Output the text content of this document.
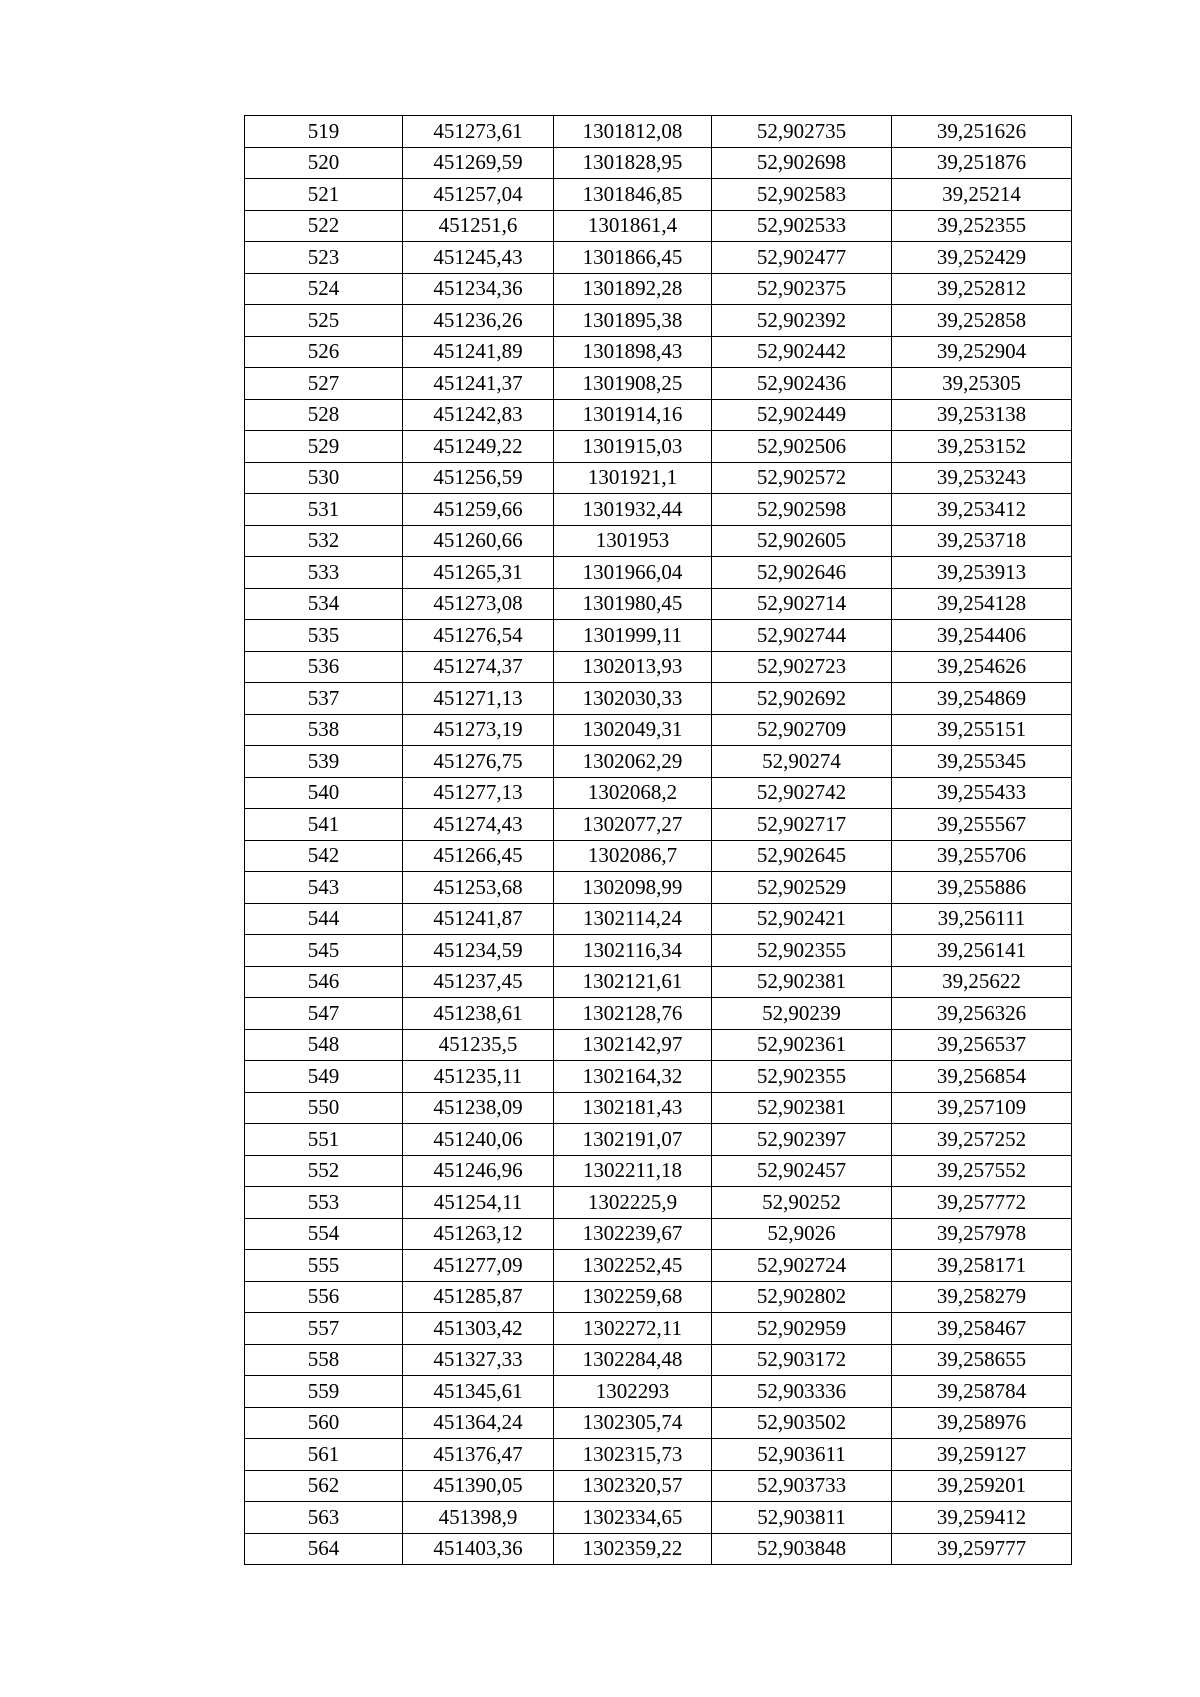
519	451273,61	1301812,08	52,902735	39,251626
520	451269,59	1301828,95	52,902698	39,251876
521	451257,04	1301846,85	52,902583	39,25214
522	451251,6	1301861,4	52,902533	39,252355
523	451245,43	1301866,45	52,902477	39,252429
524	451234,36	1301892,28	52,902375	39,252812
525	451236,26	1301895,38	52,902392	39,252858
526	451241,89	1301898,43	52,902442	39,252904
527	451241,37	1301908,25	52,902436	39,25305
528	451242,83	1301914,16	52,902449	39,253138
529	451249,22	1301915,03	52,902506	39,253152
530	451256,59	1301921,1	52,902572	39,253243
531	451259,66	1301932,44	52,902598	39,253412
532	451260,66	1301953	52,902605	39,253718
533	451265,31	1301966,04	52,902646	39,253913
534	451273,08	1301980,45	52,902714	39,254128
535	451276,54	1301999,11	52,902744	39,254406
536	451274,37	1302013,93	52,902723	39,254626
537	451271,13	1302030,33	52,902692	39,254869
538	451273,19	1302049,31	52,902709	39,255151
539	451276,75	1302062,29	52,90274	39,255345
540	451277,13	1302068,2	52,902742	39,255433
541	451274,43	1302077,27	52,902717	39,255567
542	451266,45	1302086,7	52,902645	39,255706
543	451253,68	1302098,99	52,902529	39,255886
544	451241,87	1302114,24	52,902421	39,256111
545	451234,59	1302116,34	52,902355	39,256141
546	451237,45	1302121,61	52,902381	39,25622
547	451238,61	1302128,76	52,90239	39,256326
548	451235,5	1302142,97	52,902361	39,256537
549	451235,11	1302164,32	52,902355	39,256854
550	451238,09	1302181,43	52,902381	39,257109
551	451240,06	1302191,07	52,902397	39,257252
552	451246,96	1302211,18	52,902457	39,257552
553	451254,11	1302225,9	52,90252	39,257772
554	451263,12	1302239,67	52,9026	39,257978
555	451277,09	1302252,45	52,902724	39,258171
556	451285,87	1302259,68	52,902802	39,258279
557	451303,42	1302272,11	52,902959	39,258467
558	451327,33	1302284,48	52,903172	39,258655
559	451345,61	1302293	52,903336	39,258784
560	451364,24	1302305,74	52,903502	39,258976
561	451376,47	1302315,73	52,903611	39,259127
562	451390,05	1302320,57	52,903733	39,259201
563	451398,9	1302334,65	52,903811	39,259412
564	451403,36	1302359,22	52,903848	39,259777
